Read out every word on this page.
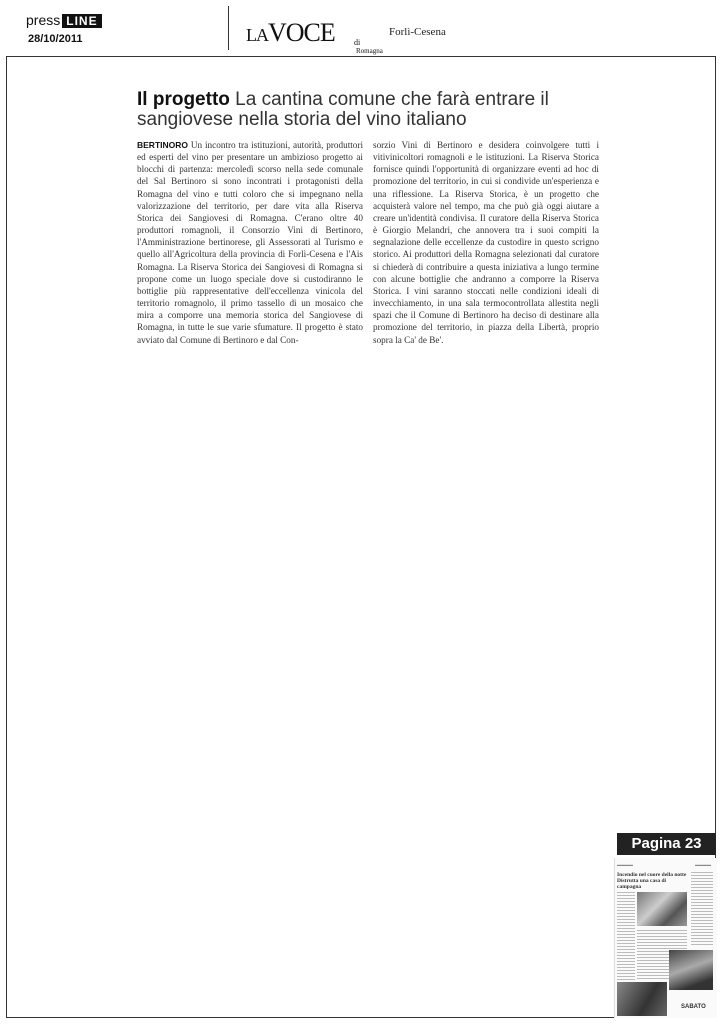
press LINE
28/10/2011	LAVOCE di
Romagna
Forlì-Cesena
Il progetto La cantina comune che farà entrare il sangiovese nella storia del vino italiano
BERTINORO Un incontro tra istituzioni, autorità, produttori ed esperti del vino per presentare un ambizioso progetto ai blocchi di partenza: mercoledì scorso nella sede comunale del Sal Bertinoro si sono incontrati i protagonisti della Romagna del vino e tutti coloro che si impegnano nella valorizzazione del territorio, per dare vita alla Riserva Storica dei Sangiovesi di Romagna. C'erano oltre 40 produttori romagnoli, il Consorzio Vini di Bertinoro, l'Amministrazione bertinorese, gli Assessorati al Turismo e quello all'Agricoltura della provincia di Forlì-Cesena e l'Ais Romagna. La Riserva Storica dei Sangiovesi di Romagna si propone come un luogo speciale dove si custodiranno le bottiglie più rappresentative dell'eccellenza vinicola del territorio romagnolo, il primo tassello di un mosaico che mira a comporre una memoria storica del Sangiovese di Romagna, in tutte le sue varie sfumature. Il progetto è stato avviato dal Comune di Bertinoro e dal Con-
sorzio Vini di Bertinoro e desidera coinvolgere tutti i vitivinicoltori romagnoli e le istituzioni. La Riserva Storica fornisce quindi l'opportunità di organizzare eventi ad hoc di promozione del territorio, in cui si condivide un'esperienza e una riflessione. La Riserva Storica, è un progetto che acquisterà valore nel tempo, ma che può già oggi aiutare a creare un'identità condivisa. Il curatore della Riserva Storica è Giorgio Melandri, che annovera tra i suoi compiti la segnalazione delle eccellenze da custodire in questo scrigno storico. Ai produttori della Romagna selezionati dal curatore si chiederà di contribuire a questa iniziativa a lungo termine con alcune bottiglie che andranno a comporre la Riserva Storica. I vini saranno stoccati nelle condizioni ideali di invecchiamento, in una sala termocontrollata allestita negli spazi che il Comune di Bertinoro ha deciso di destinare alla promozione del territorio, in piazza della Libertà, proprio sopra la Ca' de Be'.
Pagina 23
▬▬▬▬	▬▬▬▬
Incendio nel cuore della notte Distrutta una casa di campagna
SABATO
